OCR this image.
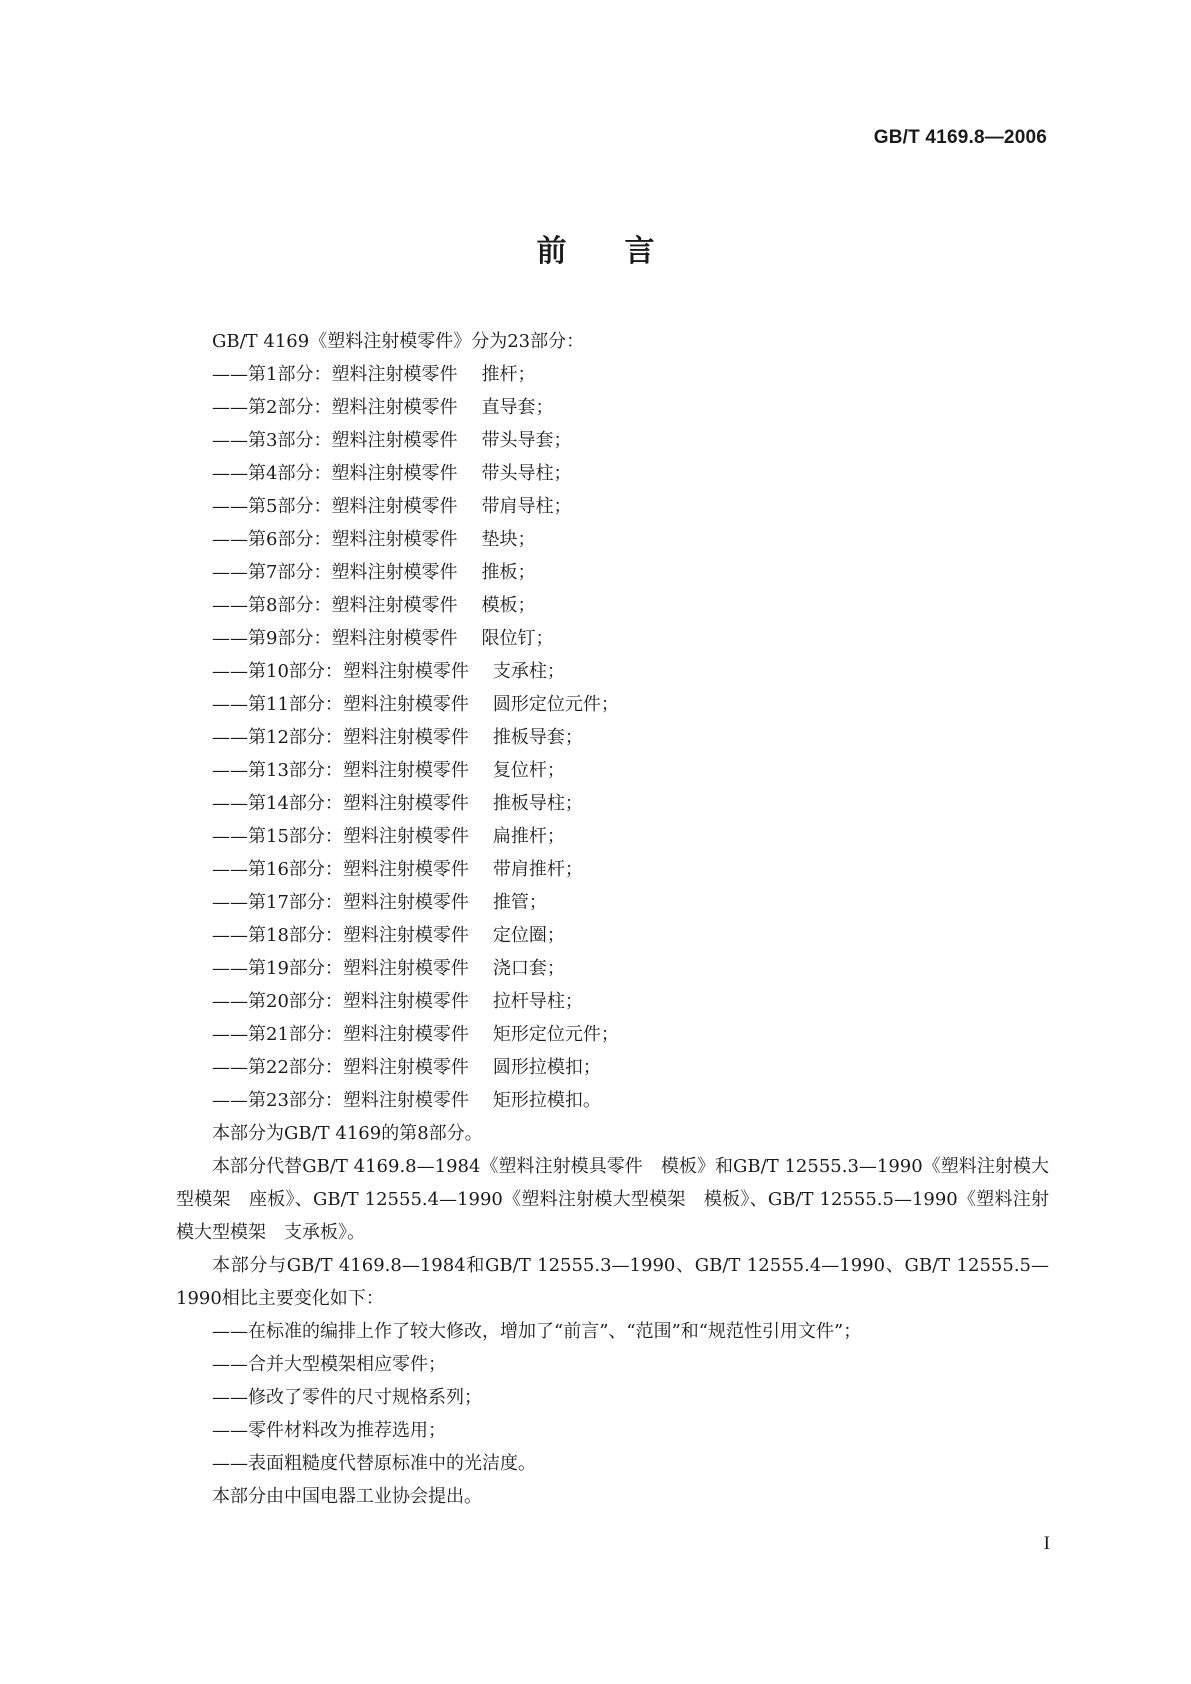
GB/T 4169.8—2006
前言
GB/T 4169《塑料注射模零件》分为23部分：
——第1部分：塑料注射模零件 推杆；
——第2部分：塑料注射模零件 直导套；
——第3部分：塑料注射模零件 带头导套；
——第4部分：塑料注射模零件 带头导柱；
——第5部分：塑料注射模零件 带肩导柱；
——第6部分：塑料注射模零件 垫块；
——第7部分：塑料注射模零件 推板；
——第8部分：塑料注射模零件 模板；
——第9部分：塑料注射模零件 限位钉；
——第10部分：塑料注射模零件 支承柱；
——第11部分：塑料注射模零件 圆形定位元件；
——第12部分：塑料注射模零件 推板导套；
——第13部分：塑料注射模零件 复位杆；
——第14部分：塑料注射模零件 推板导柱；
——第15部分：塑料注射模零件 扁推杆；
——第16部分：塑料注射模零件 带肩推杆；
——第17部分：塑料注射模零件 推管；
——第18部分：塑料注射模零件 定位圈；
——第19部分：塑料注射模零件 浇口套；
——第20部分：塑料注射模零件 拉杆导柱；
——第21部分：塑料注射模零件 矩形定位元件；
——第22部分：塑料注射模零件 圆形拉模扣；
——第23部分：塑料注射模零件 矩形拉模扣。
本部分为GB/T 4169的第8部分。
本部分代替GB/T 4169.8—1984《塑料注射模具零件　模板》和GB/T 12555.3—1990《塑料注射模大型模架　座板》、GB/T 12555.4—1990《塑料注射模大型模架　模板》、GB/T 12555.5—1990《塑料注射模大型模架　支承板》。
本部分与GB/T 4169.8—1984和GB/T 12555.3—1990、GB/T 12555.4—1990、GB/T 12555.5—1990相比主要变化如下：
——在标准的编排上作了较大修改，增加了“前言”、“范围”和“规范性引用文件”；
——合并大型模架相应零件；
——修改了零件的尺寸规格系列；
——零件材料改为推荐选用；
——表面粗糙度代替原标准中的光洁度。
本部分由中国电器工业协会提出。
I
